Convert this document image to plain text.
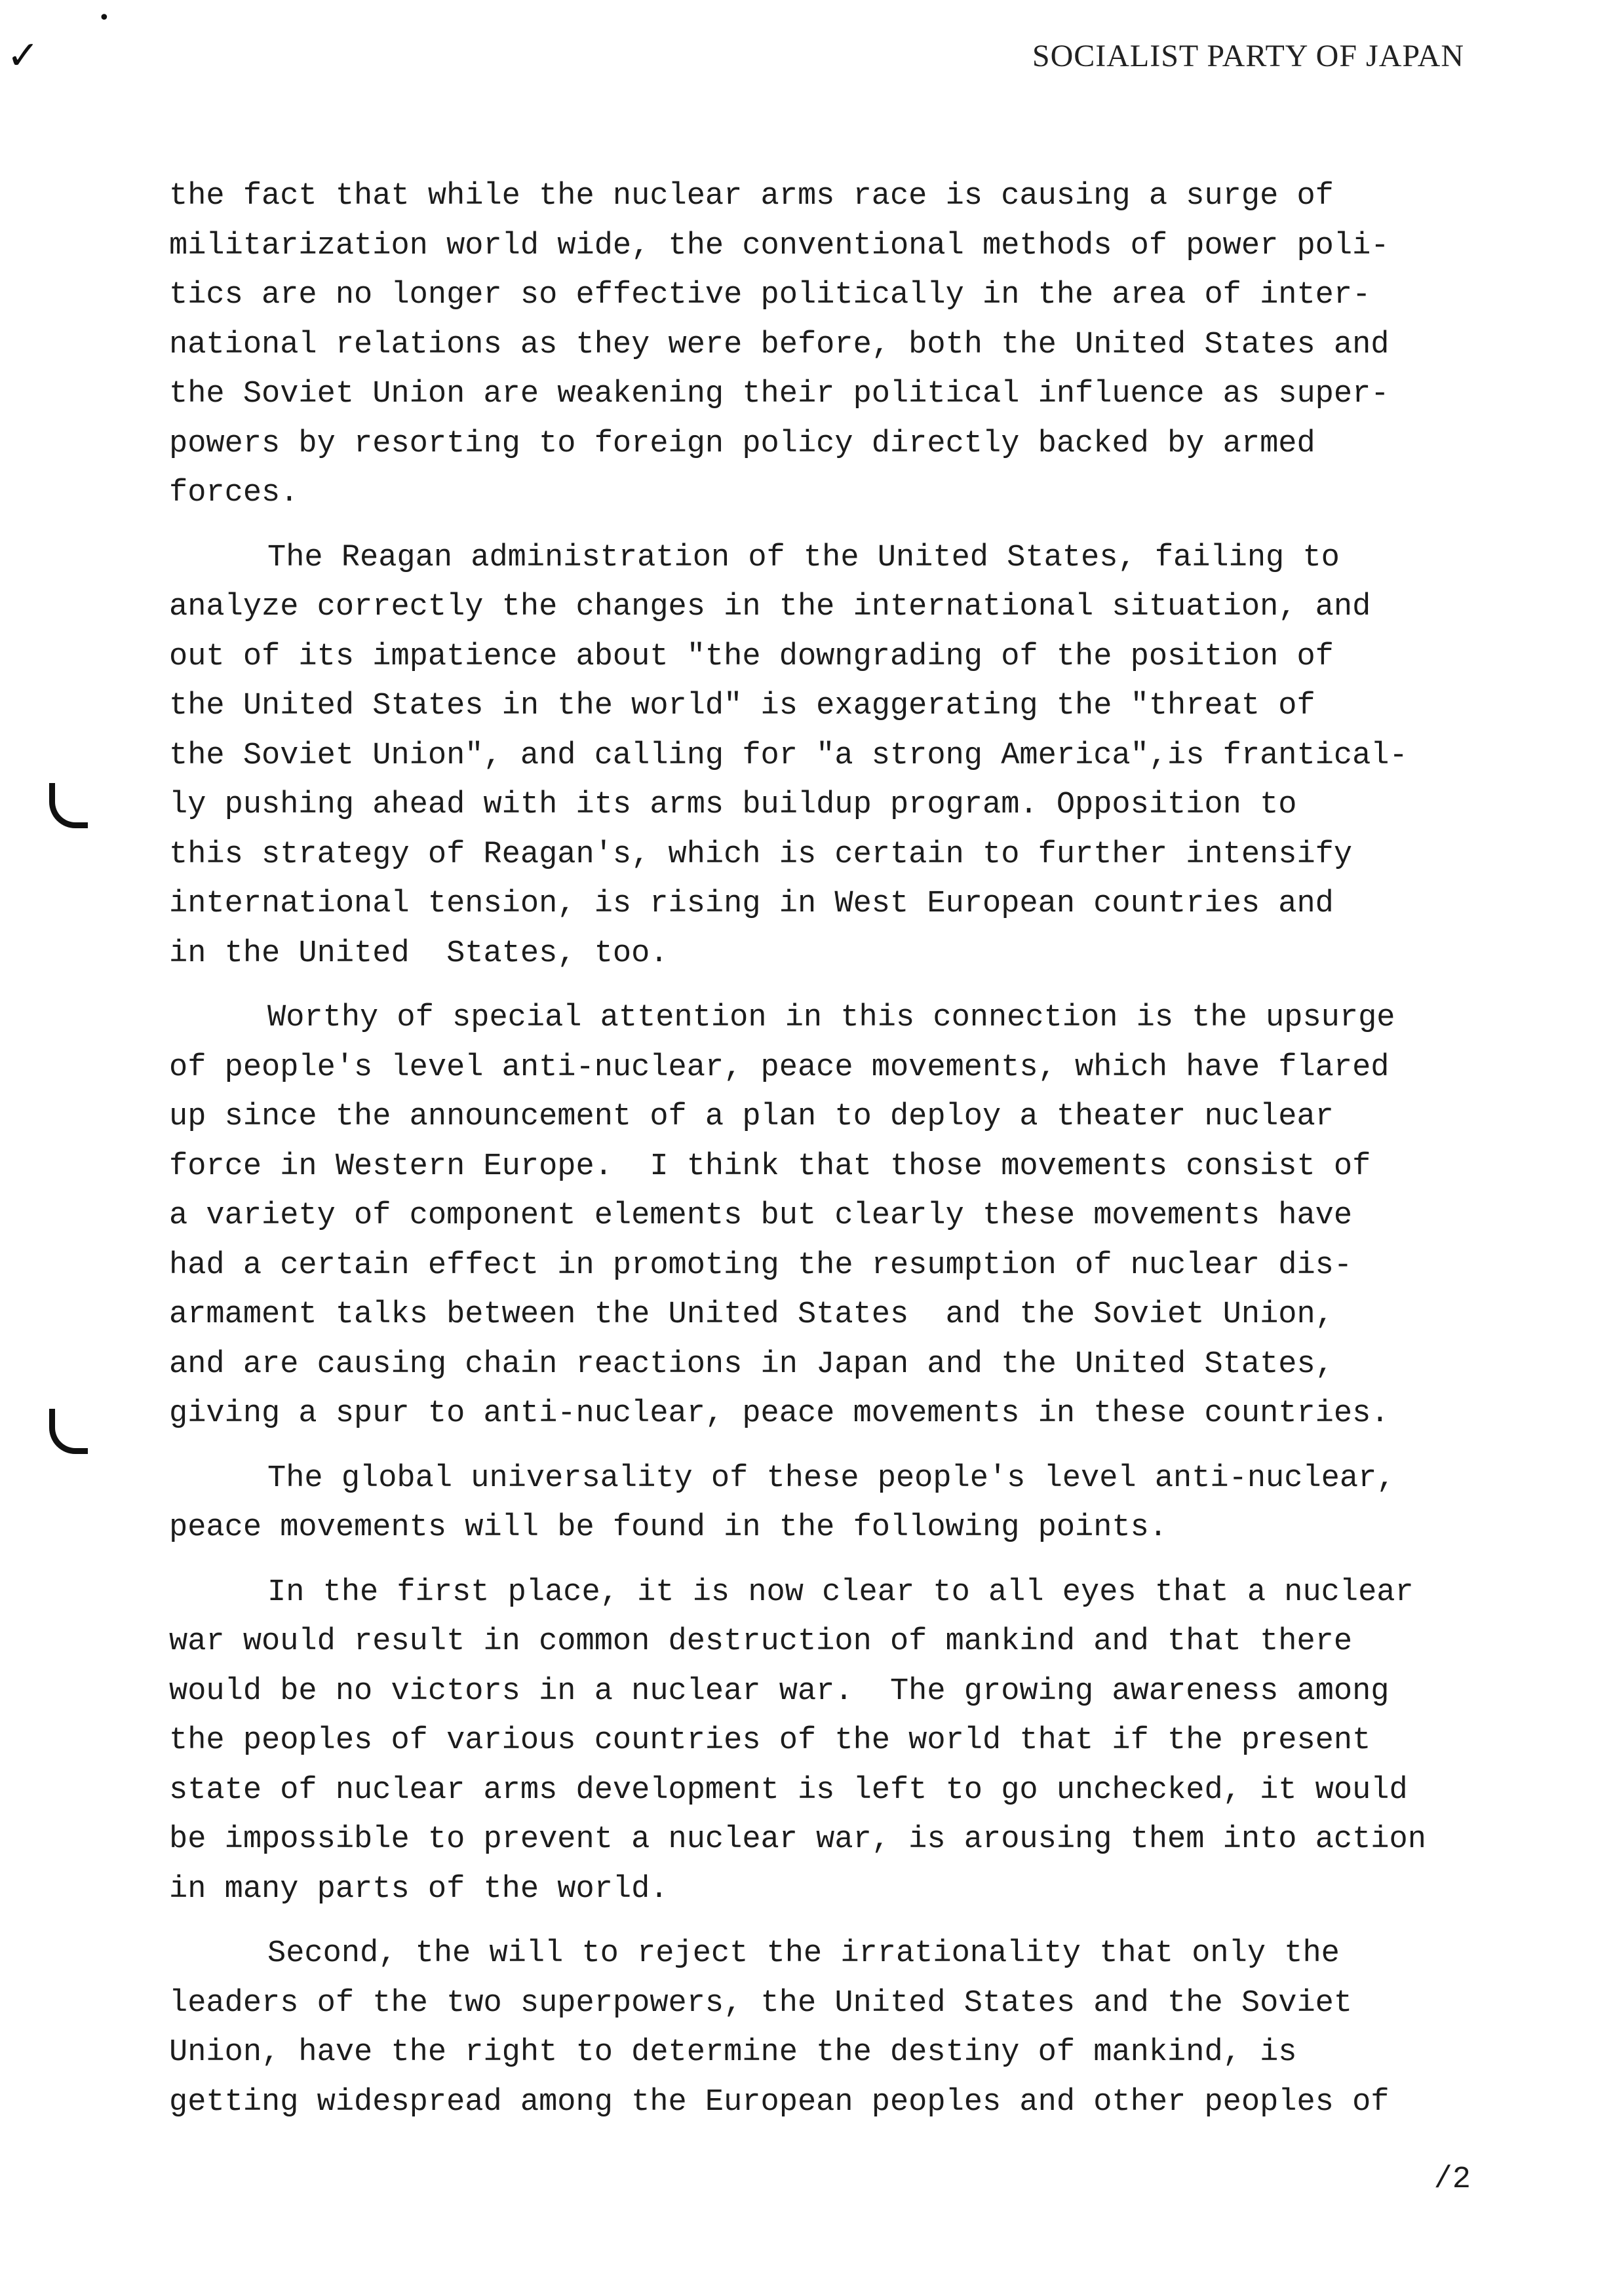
✓
•
SOCIALIST PARTY OF JAPAN
the fact that while the nuclear arms race is causing a surge of
militarization world wide, the conventional methods of power poli-
tics are no longer so effective politically in the area of inter-
national relations as they were before, both the United States and
the Soviet Union are weakening their political influence as super-
powers by resorting to foreign policy directly backed by armed
forces.
The Reagan administration of the United States, failing to
analyze correctly the changes in the international situation, and
out of its impatience about "the downgrading of the position of
the United States in the world" is exaggerating the "threat of
the Soviet Union", and calling for "a strong America",is frantical-
ly pushing ahead with its arms buildup program. Opposition to
this strategy of Reagan's, which is certain to further intensify
international tension, is rising in West European countries and
in the United  States, too.
Worthy of special attention in this connection is the upsurge
of people's level anti-nuclear, peace movements, which have flared
up since the announcement of a plan to deploy a theater nuclear
force in Western Europe.  I think that those movements consist of
a variety of component elements but clearly these movements have
had a certain effect in promoting the resumption of nuclear dis-
armament talks between the United States  and the Soviet Union,
and are causing chain reactions in Japan and the United States,
giving a spur to anti-nuclear, peace movements in these countries.
The global universality of these people's level anti-nuclear,
peace movements will be found in the following points.
In the first place, it is now clear to all eyes that a nuclear
war would result in common destruction of mankind and that there
would be no victors in a nuclear war.  The growing awareness among
the peoples of various countries of the world that if the present
state of nuclear arms development is left to go unchecked, it would
be impossible to prevent a nuclear war, is arousing them into action
in many parts of the world.
Second, the will to reject the irrationality that only the
leaders of the two superpowers, the United States and the Soviet
Union, have the right to determine the destiny of mankind, is
getting widespread among the European peoples and other peoples of
/2
